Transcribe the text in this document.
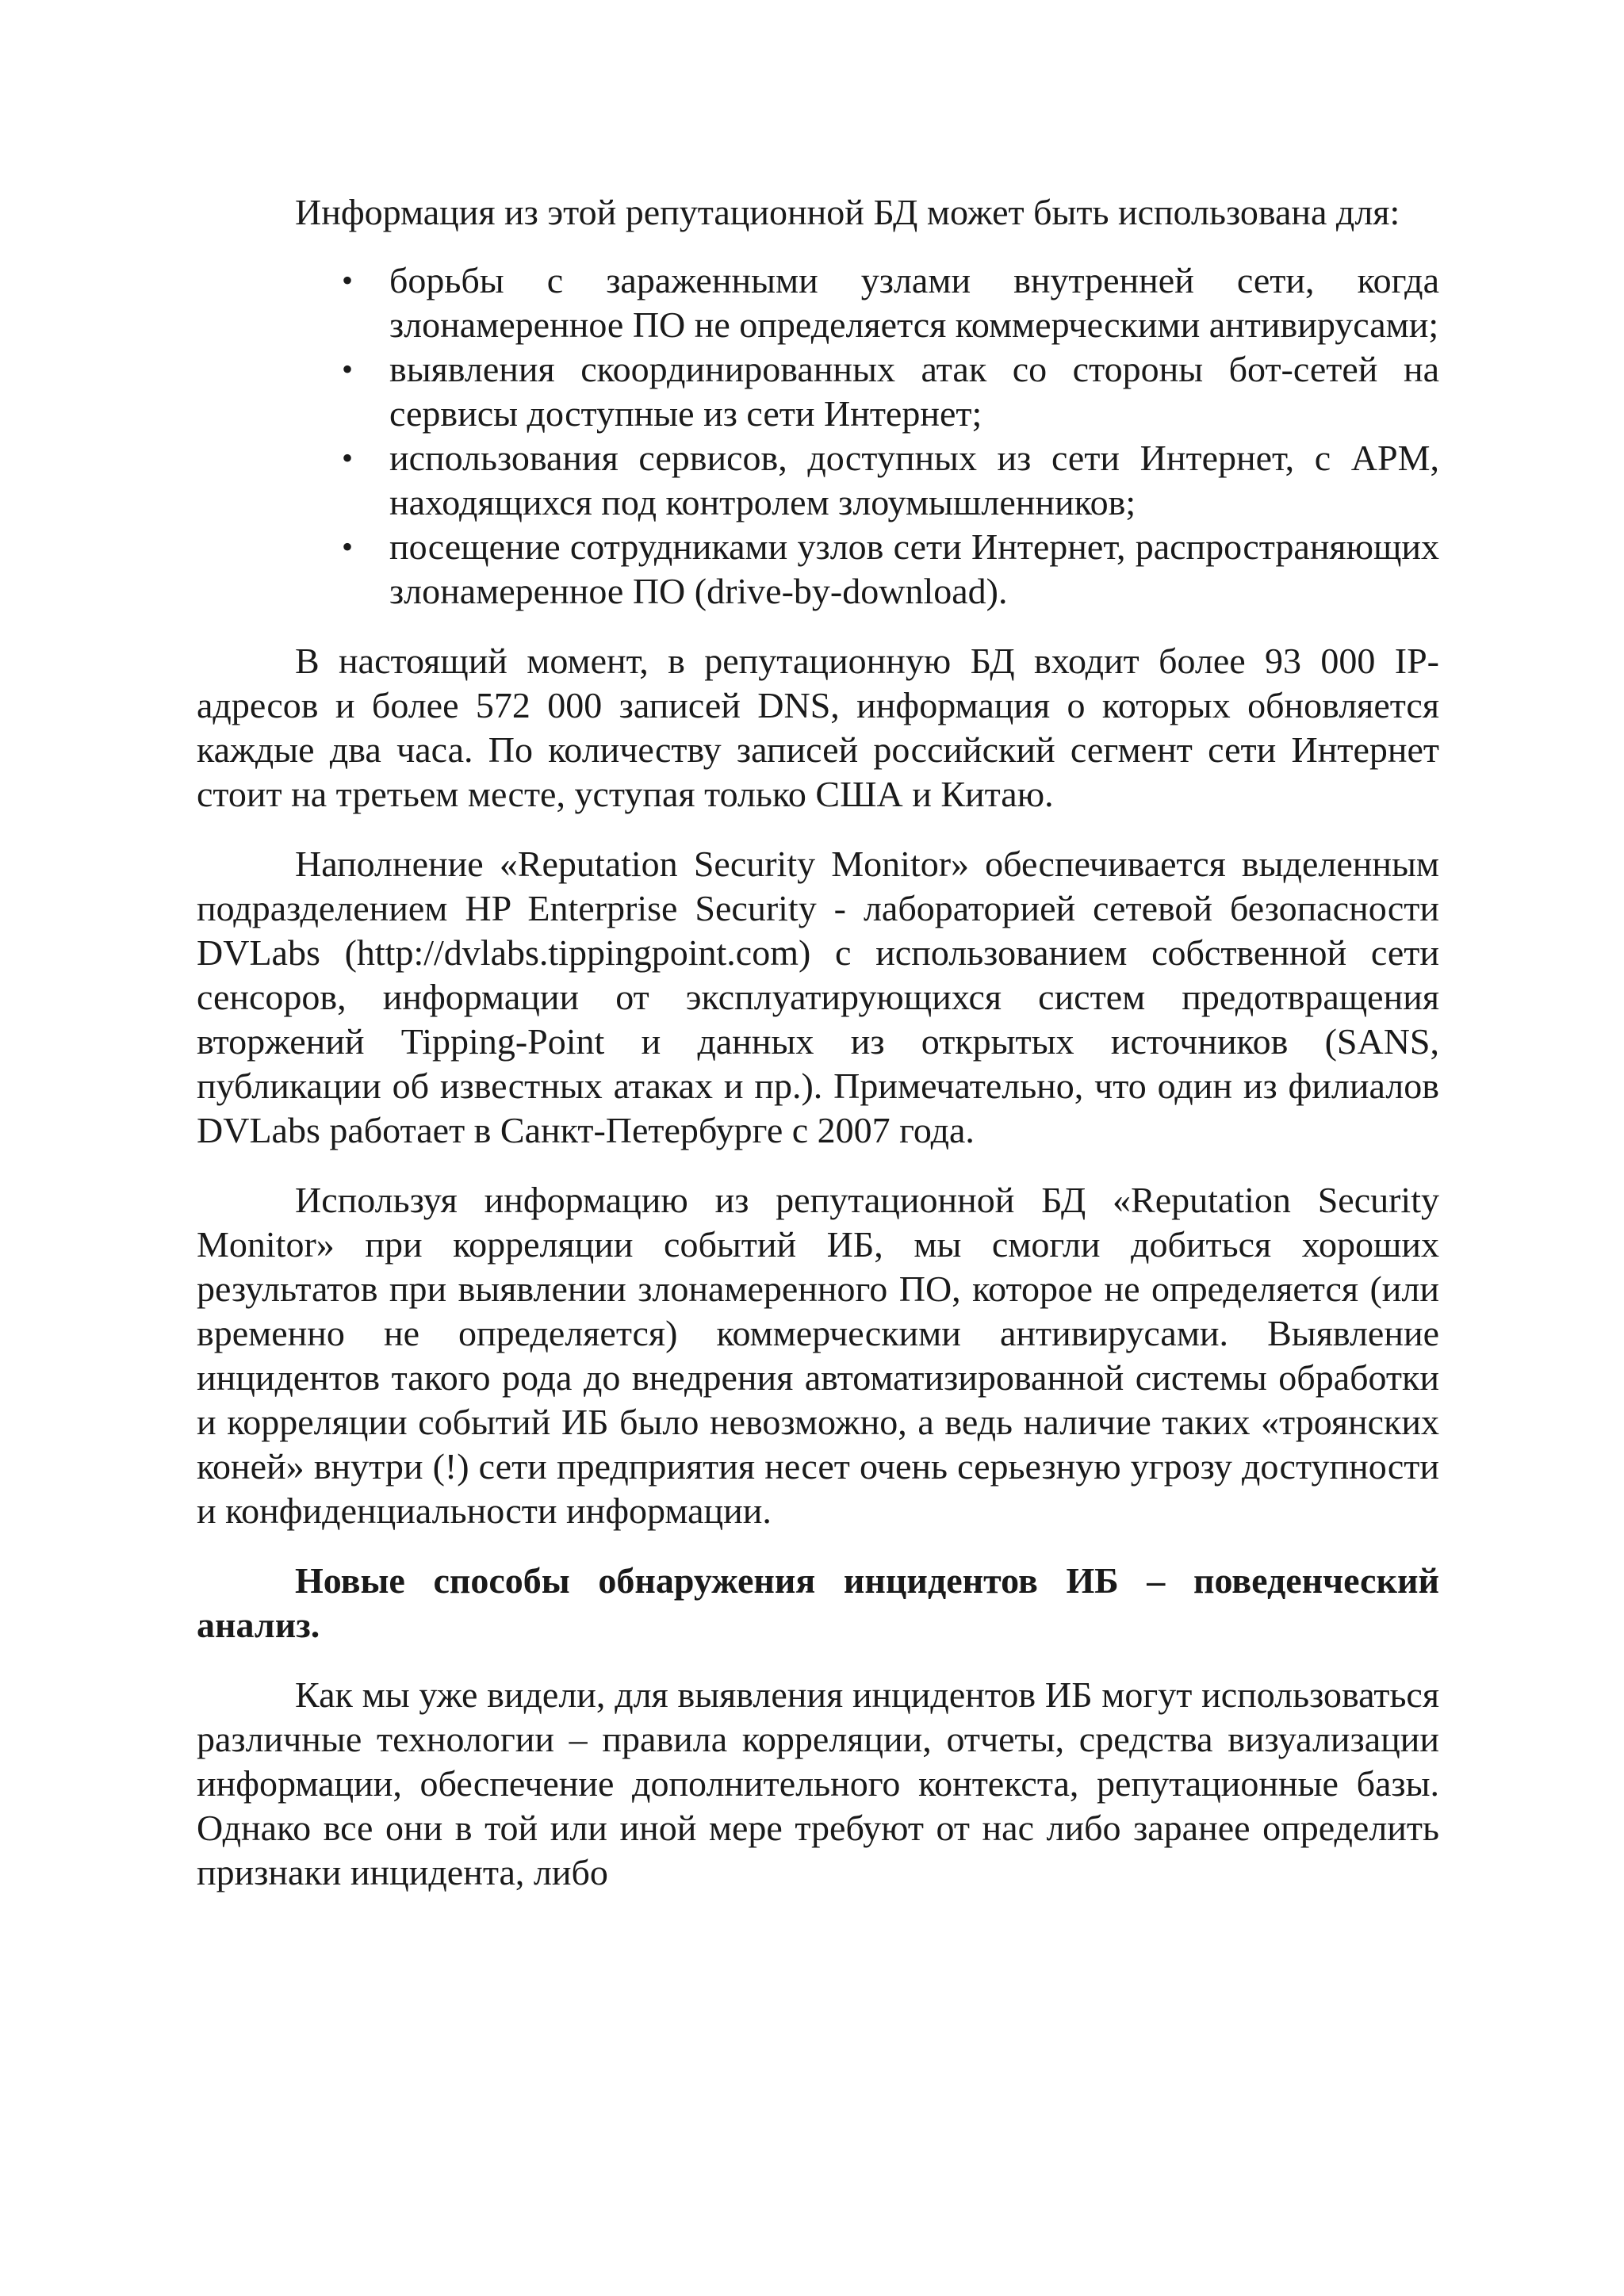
Информация из этой репутационной БД может быть использована для:

• борьбы с зараженными узлами внутренней сети, когда злонамеренное ПО не определяется коммерческими антивирусами;
• выявления скоординированных атак со стороны бот-сетей на сервисы доступные из сети Интернет;
• использования сервисов, доступных из сети Интернет, с АРМ, находящихся под контролем злоумышленников;
• посещение сотрудниками узлов сети Интернет, распространяющих злонамеренное ПО (drive-by-download).

В настоящий момент, в репутационную БД входит более 93 000 IP-адресов и более 572 000 записей DNS, информация о которых обновляется каждые два часа. По количеству записей российский сегмент сети Интернет стоит на третьем месте, уступая только США и Китаю.

Наполнение «Reputation Security Monitor» обеспечивается выделенным подразделением HP Enterprise Security - лабораторией сетевой безопасности DVLabs (http://dvlabs.tippingpoint.com) с использованием собственной сети сенсоров, информации от эксплуатирующихся систем предотвращения вторжений Tipping-Point и данных из открытых источников (SANS, публикации об известных атаках и пр.). Примечательно, что один из филиалов DVLabs работает в Санкт-Петербурге с 2007 года.

Используя информацию из репутационной БД «Reputation Security Monitor» при корреляции событий ИБ, мы смогли добиться хороших результатов при выявлении злонамеренного ПО, которое не определяется (или временно не определяется) коммерческими антивирусами. Выявление инцидентов такого рода до внедрения автоматизированной системы обработки и корреляции событий ИБ было невозможно, а ведь наличие таких «троянских коней» внутри (!) сети предприятия несет очень серьезную угрозу доступности и конфиденциальности информации.

Новые способы обнаружения инцидентов ИБ – поведенческий анализ.

Как мы уже видели, для выявления инцидентов ИБ могут использоваться различные технологии – правила корреляции, отчеты, средства визуализации информации, обеспечение дополнительного контекста, репутационные базы. Однако все они в той или иной мере требуют от нас либо заранее определить признаки инцидента, либо
